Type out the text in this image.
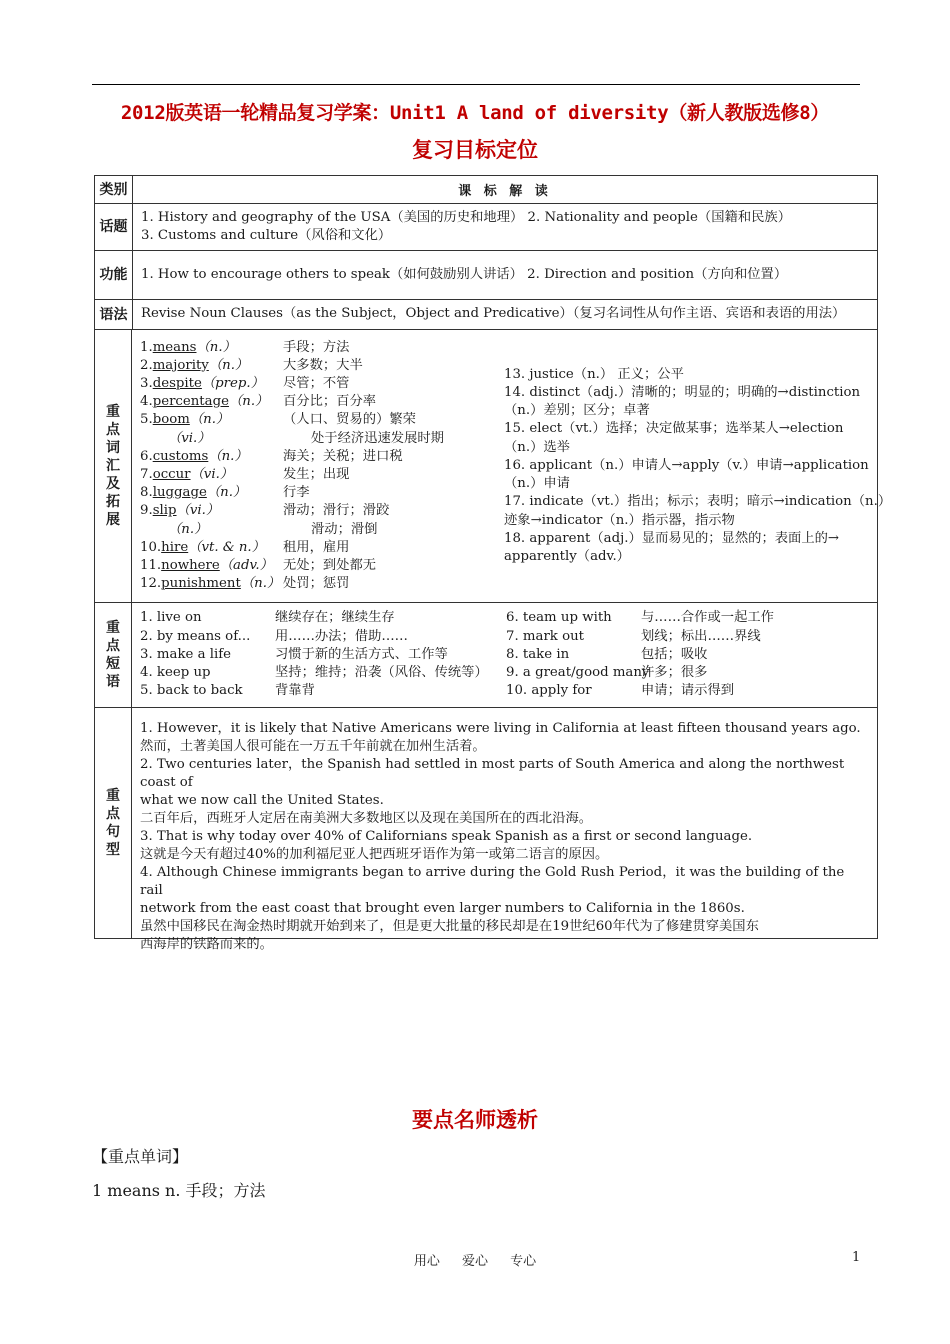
2012版英语一轮精品复习学案：Unit1 A land of diversity（新人教版选修8）
复习目标定位
类别	课 标 解 读
话题
1. History and geography of the USA（美国的历史和地理） 2. Nationality and people（国籍和民族）
3. Customs and culture（风俗和文化）
功能	1. How to encourage others to speak（如何鼓励别人讲话） 2. Direction and position（方向和位置）
语法	Revise Noun Clauses（as the Subject，Object and Predicative）（复习名词性从句作主语、宾语和表语的用法）
重点词汇及拓展
1.means（n.）	手段；方法
2.majority（n.）	大多数；大半
3.despite（prep.）	尽管；不管
4.percentage（n.）	百分比；百分率
5.boom（n.）	（人口、贸易的）繁荣
（vi.）	处于经济迅速发展时期
6.customs（n.）	海关；关税；进口税
7.occur（vi.）	发生；出现
8.luggage（n.）	行李
9.slip（vi.）	滑动；滑行；滑跤
（n.）	滑动；滑倒
10.hire（vt. & n.）	租用，雇用
11.nowhere（adv.） 无处；到处都无
12.punishment（n.） 处罚；惩罚
13. justice（n.） 正义；公平
14. distinct（adj.）清晰的；明显的；明确的→distinction
（n.）差别；区分；卓著
15. elect（vt.）选择；决定做某事；选举某人→election
（n.）选举
16. applicant（n.）申请人→apply（v.）申请→application
（n.）申请
17. indicate（vt.）指出；标示；表明；暗示→indication（n.）
迹象→indicator（n.）指示器，指示物
18. apparent（adj.）显而易见的；显然的；表面上的→
apparently（adv.）
重点短语
1. live on	继续存在；继续生存
2. by means of...	用……办法；借助……
3. make a life	习惯于新的生活方式、工作等
4. keep up	坚持；维持；沿袭（风俗、传统等）
5. back to back	背靠背
6. team up with	与……合作或一起工作
7. mark out	划线；标出……界线
8. take in	包括；吸收
9. a great/good many
许多；很多
10. apply for	申请；请示得到
重点句型

1. However，it is likely that Native Americans were living in California at least fifteen thousand years ago.

然而，土著美国人很可能在一万五千年前就在加州生活着。

2. Two centuries later，the Spanish had settled in most parts of South America and along the northwest coast of

what we now call the United States.

二百年后，西班牙人定居在南美洲大多数地区以及现在美国所在的西北沿海。

3. That is why today over 40% of Californians speak Spanish as a first or second language.

这就是今天有超过40%的加利福尼亚人把西班牙语作为第一或第二语言的原因。

4. Although Chinese immigrants began to arrive during the Gold Rush Period，it was the building of the rail

network from the east coast that brought even larger numbers to California in the 1860s.

虽然中国移民在淘金热时期就开始到来了，但是更大批量的移民却是在19世纪60年代为了修建贯穿美国东

西海岸的铁路而来的。

要点名师透析
【重点单词】
1 means n. 手段；方法
用心 爱心 专心	1
